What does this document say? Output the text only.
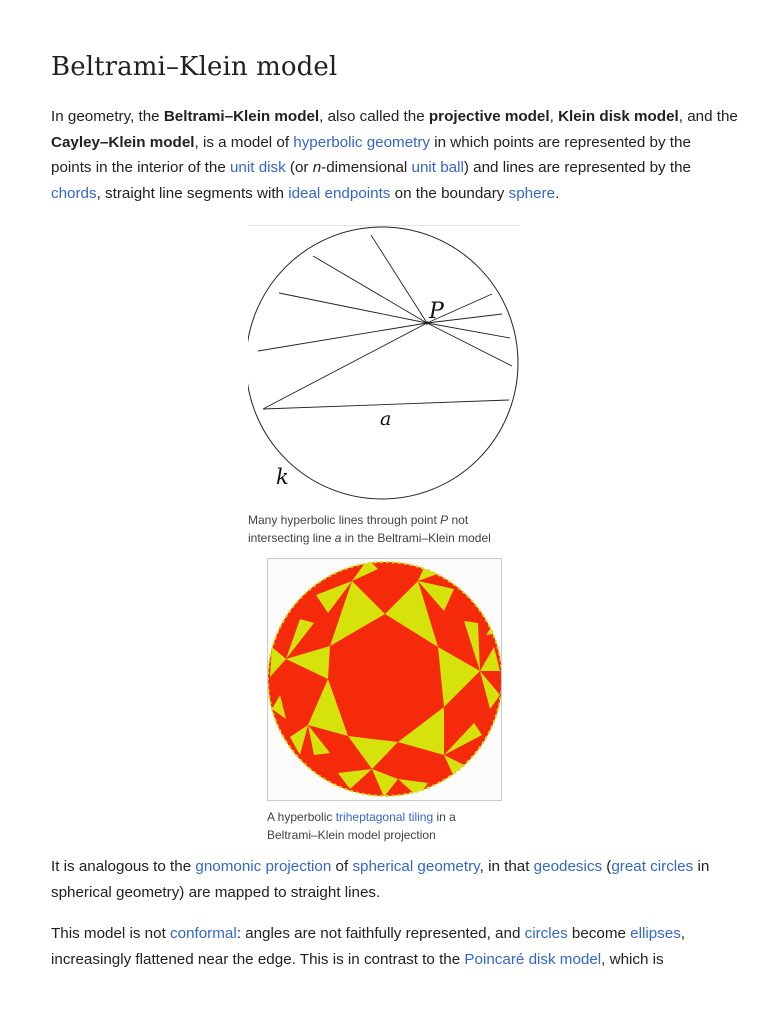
Beltrami–Klein model

In geometry, the Beltrami–Klein model, also called the projective model, Klein disk model, and the
Cayley–Klein model, is a model of hyperbolic geometry in which points are represented by the
points in the interior of the unit disk (or n-dimensional unit ball) and lines are represented by the
chords, straight line segments with ideal endpoints on the boundary sphere.

P
a
k

Many hyperbolic lines through point P not
intersecting line a in the Beltrami–Klein model

A hyperbolic triheptagonal tiling in a
Beltrami–Klein model projection

It is analogous to the gnomonic projection of spherical geometry, in that geodesics (great circles in
spherical geometry) are mapped to straight lines.

This model is not conformal: angles are not faithfully represented, and circles become ellipses,
increasingly flattened near the edge. This is in contrast to the Poincaré disk model, which is
